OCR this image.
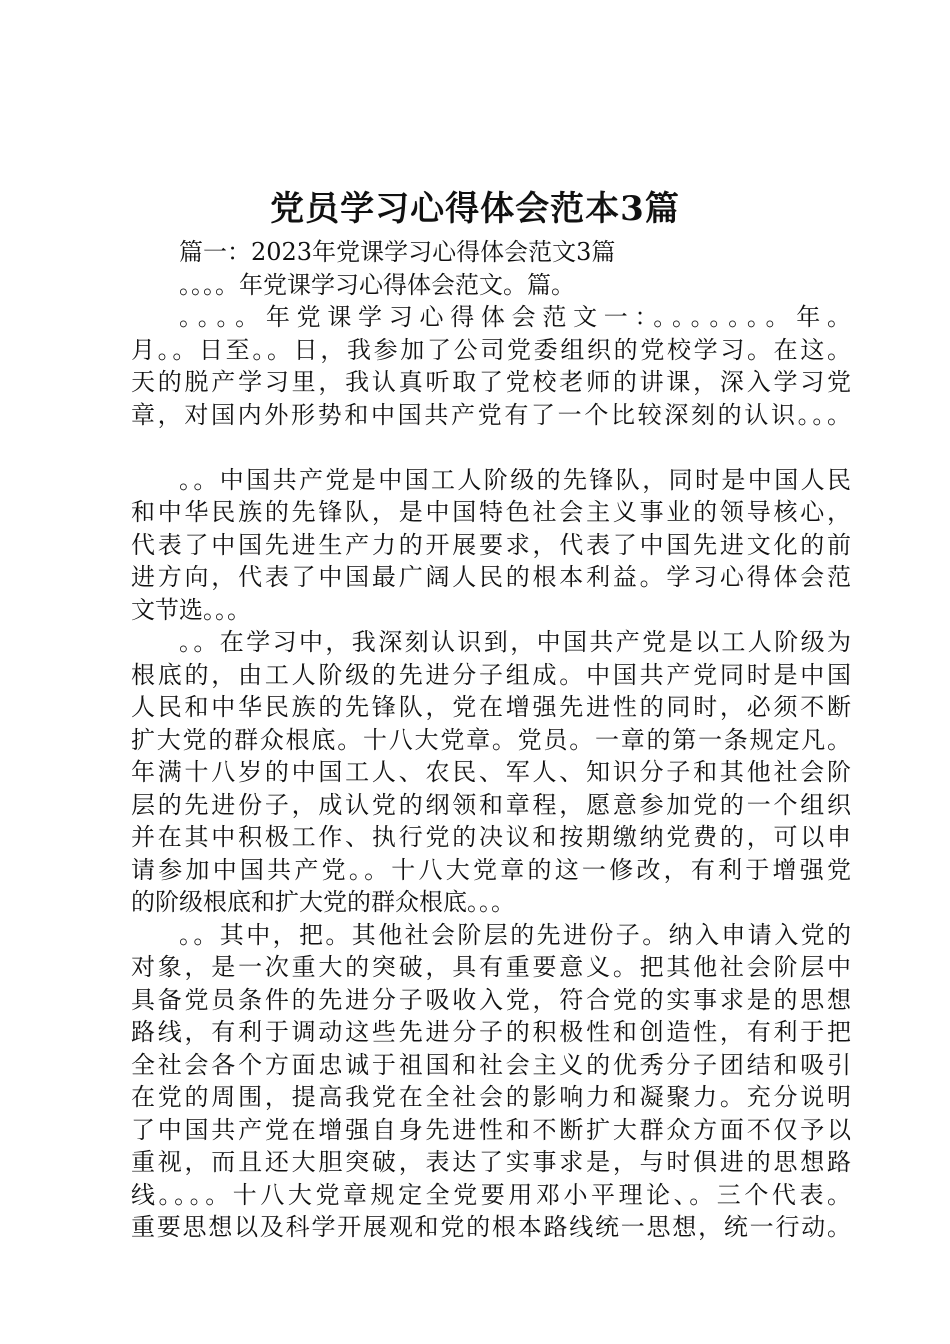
党员学习心得体会范本3篇
篇一：2023年党课学习心得体会范文3篇
。。。。年党课学习心得体会范文。篇。
。。。。年党课学习心得体会范文一：。。。。。。。年。
月。。日至。。日，我参加了公司党委组织的党校学习。在这。
天的脱产学习里，我认真听取了党校老师的讲课，深入学习党
章，对国内外形势和中国共产党有了一个比较深刻的认识。。。
。。中国共产党是中国工人阶级的先锋队，同时是中国人民
和中华民族的先锋队，是中国特色社会主义事业的领导核心，
代表了中国先进生产力的开展要求，代表了中国先进文化的前
进方向，代表了中国最广阔人民的根本利益。学习心得体会范
文节选。。。
。。在学习中，我深刻认识到，中国共产党是以工人阶级为
根底的，由工人阶级的先进分子组成。中国共产党同时是中国
人民和中华民族的先锋队，党在增强先进性的同时，必须不断
扩大党的群众根底。十八大党章。党员。一章的第一条规定凡。
年满十八岁的中国工人、农民、军人、知识分子和其他社会阶
层的先进份子，成认党的纲领和章程，愿意参加党的一个组织
并在其中积极工作、执行党的决议和按期缴纳党费的，可以申
请参加中国共产党。。十八大党章的这一修改，有利于增强党
的阶级根底和扩大党的群众根底。。。
。。其中，把。其他社会阶层的先进份子。纳入申请入党的
对象，是一次重大的突破，具有重要意义。把其他社会阶层中
具备党员条件的先进分子吸收入党，符合党的实事求是的思想
路线，有利于调动这些先进分子的积极性和创造性，有利于把
全社会各个方面忠诚于祖国和社会主义的优秀分子团结和吸引
在党的周围，提高我党在全社会的影响力和凝聚力。充分说明
了中国共产党在增强自身先进性和不断扩大群众方面不仅予以
重视，而且还大胆突破，表达了实事求是，与时俱进的思想路
线。。。。十八大党章规定全党要用邓小平理论、。三个代表。
重要思想以及科学开展观和党的根本路线统一思想，统一行动。
